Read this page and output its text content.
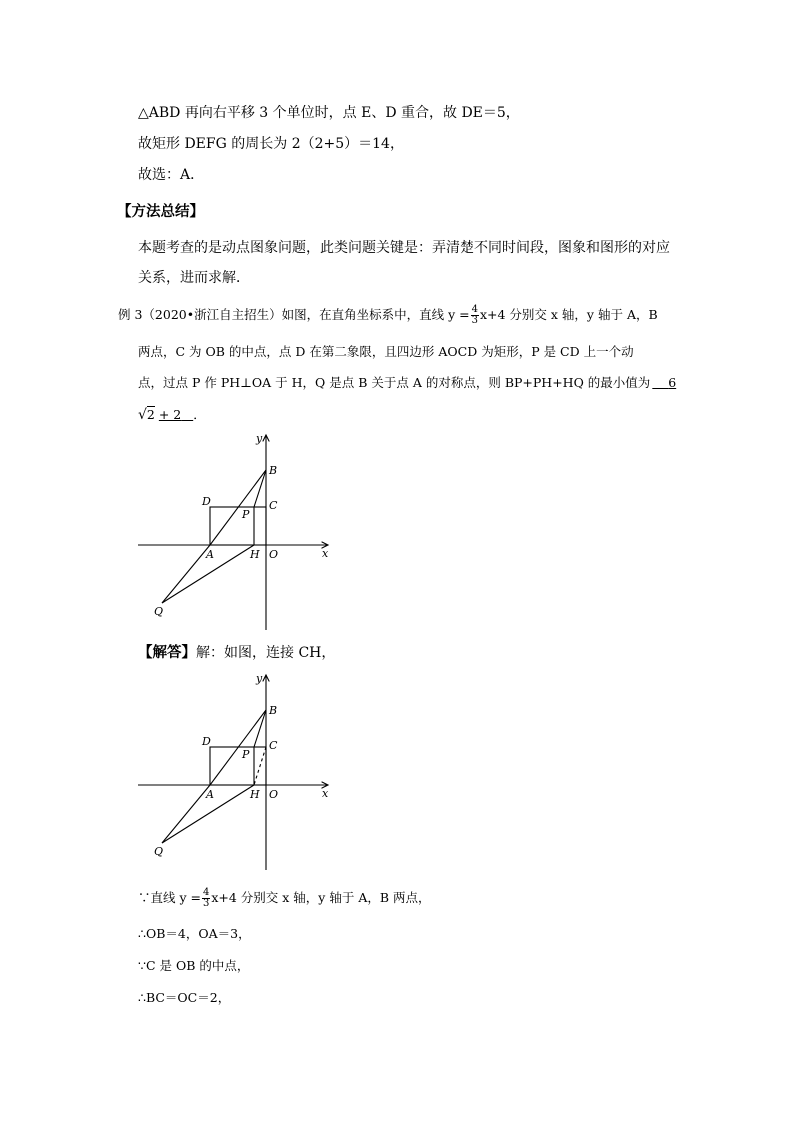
△ABD 再向右平移 3 个单位时，点 E、D 重合，故 DE＝5，
故矩形 DEFG 的周长为 2（2+5）＝14，
故选：A．
【方法总结】
本题考查的是动点图象问题，此类问题关键是：弄清楚不同时间段，图象和图形的对应
关系，进而求解．
例 3（2020•浙江自主招生）如图，在直角坐标系中，直线 $y = \frac{4}{3} x+4$ 分别交 x 轴，y 轴于 A，B
两点，C 为 OB 的中点，点 D 在第二象限，且四边形 AOCD 为矩形，P 是 CD 上一个动
点，过点 P 作 PH⊥OA 于 H，Q 是点 B 关于点 A 的对称点，则 BP+PH+HQ 的最小值为 6
√2 + 2 ．
y
x
B
C
D
P
A	H O
Q
【解答】解：如图，连接 CH，
y
x
B
C
D
P
A	H O
Q
∵直线 $y = \frac{4}{3} x+4$ 分别交 x 轴，y 轴于 A，B 两点，
∴OB＝4，OA＝3，
∵C 是 OB 的中点，
∴BC＝OC＝2，
